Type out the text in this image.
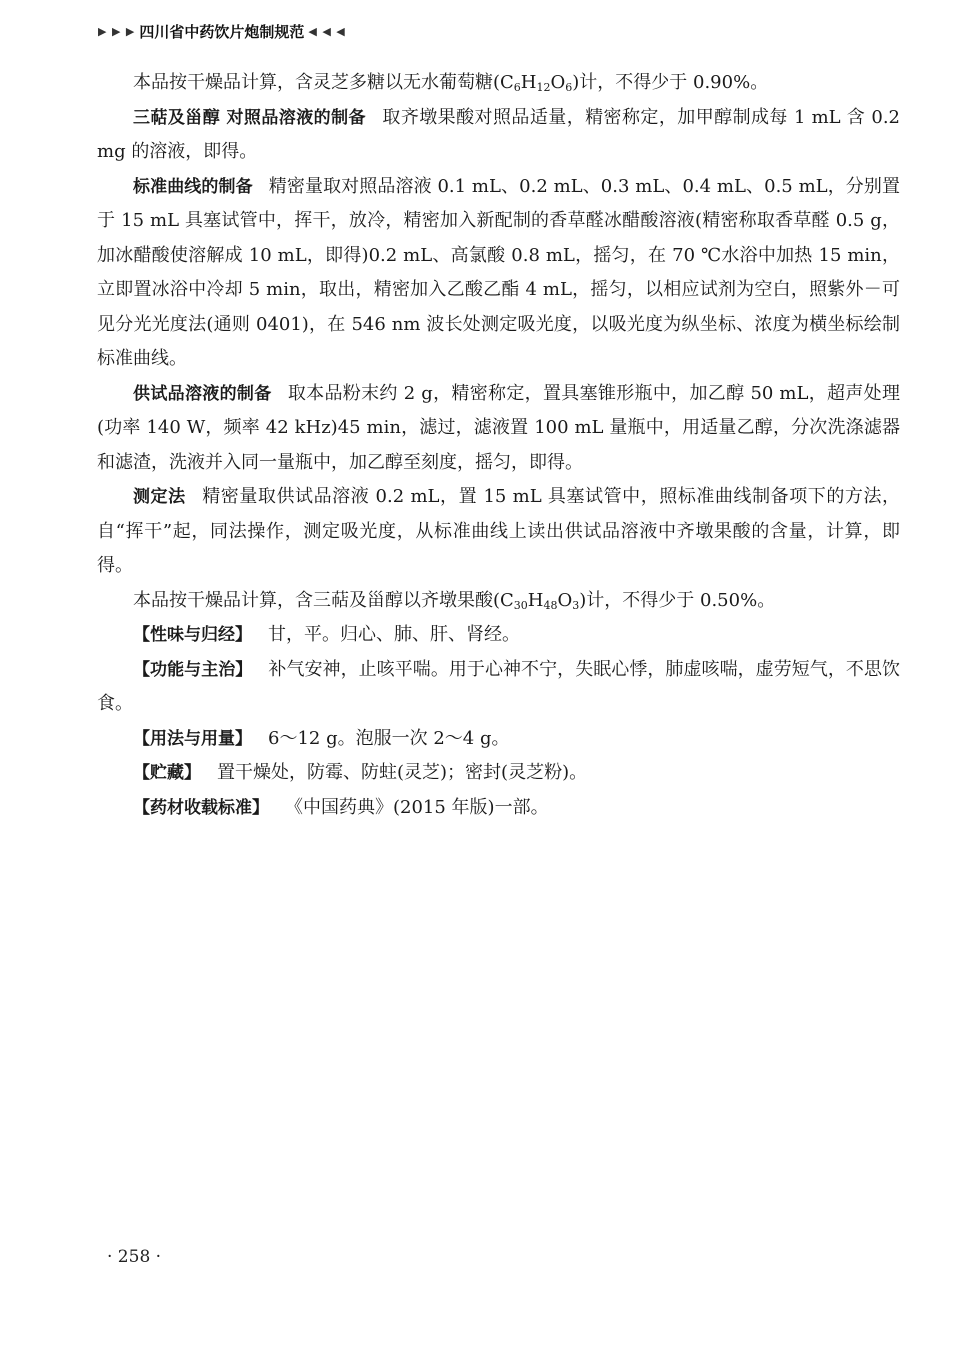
▶ ▶ ▶ 四川省中药饮片炮制规范 ◀ ◀ ◀

本品按干燥品计算，含灵芝多糖以无水葡萄糖$(C_6H_{12}O_6)$计，不得少于 0.90%。

三萜及甾醇 对照品溶液的制备 取齐墩果酸对照品适量，精密称定，加甲醇制成每 1 mL 含 0.2 mg 的溶液，即得。

标准曲线的制备 精密量取对照品溶液 0.1 mL、0.2 mL、0.3 mL、0.4 mL、0.5 mL，分别置于 15 mL 具塞试管中，挥干，放冷，精密加入新配制的香草醛冰醋酸溶液(精密称取香草醛 0.5 g，加冰醋酸使溶解成 10 mL，即得)0.2 mL、高氯酸 0.8 mL，摇匀，在 70 ℃水浴中加热 15 min，立即置冰浴中冷却 5 min，取出，精密加入乙酸乙酯 4 mL，摇匀，以相应试剂为空白，照紫外－可见分光光度法(通则 0401)，在 546 nm 波长处测定吸光度，以吸光度为纵坐标、浓度为横坐标绘制标准曲线。

供试品溶液的制备 取本品粉末约 2 g，精密称定，置具塞锥形瓶中，加乙醇 50 mL，超声处理(功率 140 W，频率 42 kHz)45 min，滤过，滤液置 100 mL 量瓶中，用适量乙醇，分次洗涤滤器和滤渣，洗液并入同一量瓶中，加乙醇至刻度，摇匀，即得。

测定法 精密量取供试品溶液 0.2 mL，置 15 mL 具塞试管中，照标准曲线制备项下的方法，自“挥干”起，同法操作，测定吸光度，从标准曲线上读出供试品溶液中齐墩果酸的含量，计算，即得。

本品按干燥品计算，含三萜及甾醇以齐墩果酸$(C_{30}H_{48}O_3)$计，不得少于 0.50%。

【性味与归经】 甘，平。归心、肺、肝、肾经。

【功能与主治】 补气安神，止咳平喘。用于心神不宁，失眠心悸，肺虚咳喘，虚劳短气，不思饮食。

【用法与用量】 6～12 g。泡服一次 2～4 g。

【贮藏】 置干燥处，防霉、防蛀(灵芝)；密封(灵芝粉)。

【药材收载标准】 《中国药典》(2015 年版)一部。

· 258 ·
